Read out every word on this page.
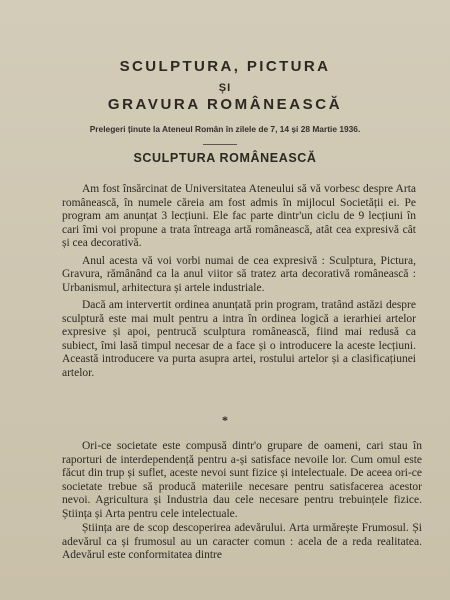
SCULPTURA, PICTURA
ȘI
GRAVURA ROMÂNEASCĂ
Prelegeri ținute la Ateneul Român în zilele de 7, 14 și 28 Martie 1936.
SCULPTURA ROMÂNEASCĂ

Am fost însărcinat de Universitatea Ateneului să vă vorbesc despre Arta românească, în numele căreia am fost admis în mijlocul Societății ei. Pe program am anunțat 3 lecțiuni. Ele fac parte dintr'un ciclu de 9 lecțiuni în cari îmi voi propune a trata întreaga artă românească, atât cea expresivă cât și cea decorativă.

Anul acesta vă voi vorbi numai de cea expresivă : Sculptura, Pictura, Gravura, rămânând ca la anul viitor să tratez arta decorativă românească : Urbanismul, arhitectura și artele industriale.

Dacă am intervertit ordinea anunțată prin program, tratând astăzi despre sculptură este mai mult pentru a intra în ordinea logică a ierarhiei artelor expresive și apoi, pentrucă sculptura românească, fiind mai redusă ca subiect, îmi lasă timpul necesar de a face și o introducere la aceste lecțiuni. Această introducere va purta asupra artei, rostului artelor și a clasificațiunei artelor.

*

Ori-ce societate este compusă dintr'o grupare de oameni, cari stau în raporturi de interdependență pentru a-și satisface nevoile lor. Cum omul este făcut din trup și suflet, aceste nevoi sunt fizice și intelectuale. De aceea ori-ce societate trebue să producă materiile necesare pentru satisfacerea acestor nevoi. Agricultura și Industria dau cele necesare pentru trebuințele fizice. Știința și Arta pentru cele intelectuale.

Știința are de scop descoperirea adevărului. Arta urmărește Frumosul. Și adevărul ca și frumosul au un caracter comun : acela de a reda realitatea. Adevărul este conformitatea dintre
